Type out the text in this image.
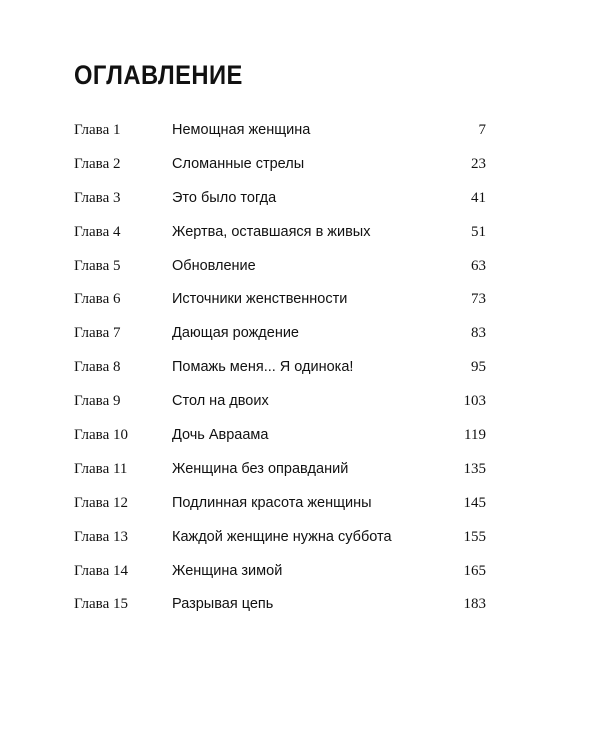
ОГЛАВЛЕНИЕ
Глава 1	Немощная женщина	7
Глава 2	Сломанные стрелы	23
Глава 3	Это было тогда	41
Глава 4	Жертва, оставшаяся в живых	51
Глава 5	Обновление	63
Глава 6	Источники женственности	73
Глава 7	Дающая рождение	83
Глава 8	Помажь меня... Я одинока!	95
Глава 9	Стол на двоих	103
Глава 10	Дочь Авраама	119
Глава 11	Женщина без оправданий	135
Глава 12	Подлинная красота женщины	145
Глава 13	Каждой женщине нужна суббота	155
Глава 14	Женщина зимой	165
Глава 15	Разрывая цепь	183
